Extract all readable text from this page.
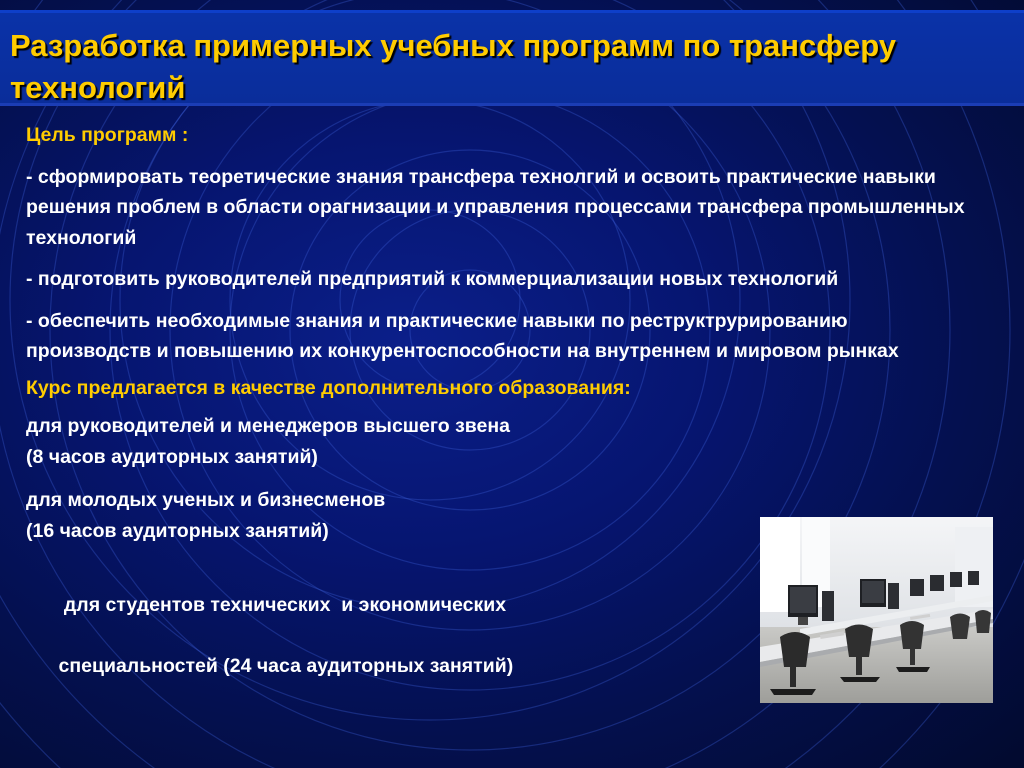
Разработка примерных учебных программ по трансферу технологий

Цель программ :

- сформировать теоретические знания трансфера технолгий и освоить практические навыки решения проблем в области орагнизации и управления процессами трансфера промышленных технологий

- подготовить руководителей предприятий к коммерциализации новых технологий

- обеспечить необходимые знания и практические навыки по реструктрурированию производств и повышению их конкурентоспособности на внутреннем и мировом рынках

Курс предлагается в качестве дополнительного образования:

для руководителей и менеджеров высшего звена
(8 часов аудиторных занятий)

для молодых ученых и бизнесменов
(16 часов аудиторных занятий)

для студентов технических  и экономических

специальностей (24 часа аудиторных занятий)
